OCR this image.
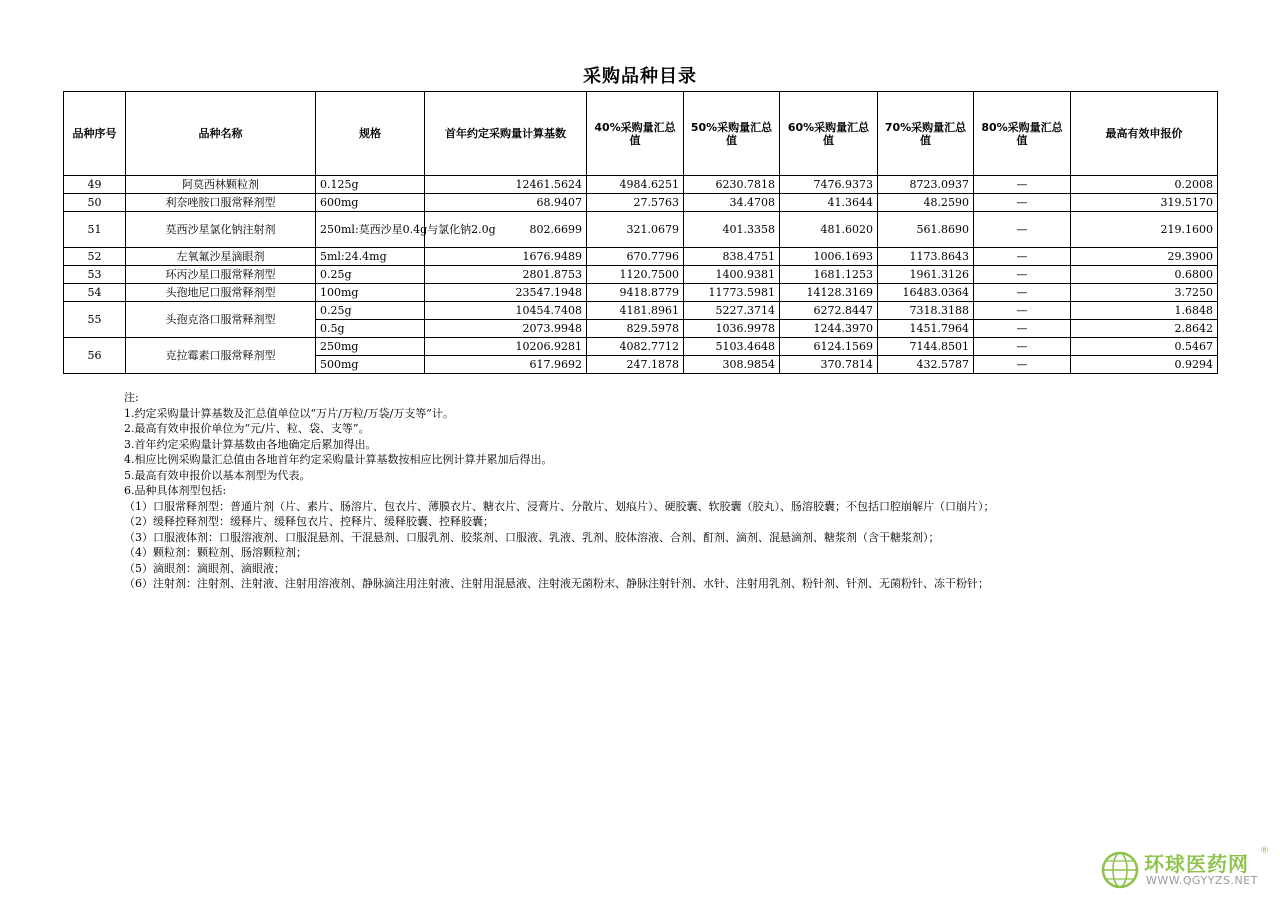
采购品种目录
品种序号	品种名称	规格	首年约定采购量计算基数	40%采购量汇总值	50%采购量汇总值	60%采购量汇总值	70%采购量汇总值	80%采购量汇总值	最高有效申报价
49	阿莫西林颗粒剂	0.125g	12461.5624	4984.6251	6230.7818	7476.9373	8723.0937	—	0.2008
50	利奈唑胺口服常释剂型	600mg	68.9407	27.5763	34.4708	41.3644	48.2590	—	319.5170
51	莫西沙星氯化钠注射剂	250ml:莫西沙星0.4g与氯化钠2.0g	802.6699	321.0679	401.3358	481.6020	561.8690	—	219.1600
52	左氧氟沙星滴眼剂	5ml:24.4mg	1676.9489	670.7796	838.4751	1006.1693	1173.8643	—	29.3900
53	环丙沙星口服常释剂型	0.25g	2801.8753	1120.7500	1400.9381	1681.1253	1961.3126	—	0.6800
54	头孢地尼口服常释剂型	100mg	23547.1948	9418.8779	11773.5981	14128.3169	16483.0364	—	3.7250
55	头孢克洛口服常释剂型	0.25g	10454.7408	4181.8961	5227.3714	6272.8447	7318.3188	—	1.6848
		0.5g	2073.9948	829.5978	1036.9978	1244.3970	1451.7964	—	2.8642
56	克拉霉素口服常释剂型	250mg	10206.9281	4082.7712	5103.4648	6124.1569	7144.8501	—	0.5467
		500mg	617.9692	247.1878	308.9854	370.7814	432.5787	—	0.9294
注:
1.约定采购量计算基数及汇总值单位以“万片/万粒/万袋/万支等”计。
2.最高有效申报价单位为“元/片、粒、袋、支等”。
3.首年约定采购量计算基数由各地确定后累加得出。
4.相应比例采购量汇总值由各地首年约定采购量计算基数按相应比例计算并累加后得出。
5.最高有效申报价以基本剂型为代表。
6.品种具体剂型包括:
（1）口服常释剂型：普通片剂（片、素片、肠溶片、包衣片、薄膜衣片、糖衣片、浸膏片、分散片、划痕片）、硬胶囊、软胶囊（胶丸）、肠溶胶囊；不包括口腔崩解片（口崩片）；
（2）缓释控释剂型：缓释片、缓释包衣片、控释片、缓释胶囊、控释胶囊；
（3）口服液体剂：口服溶液剂、口服混悬剂、干混悬剂、口服乳剂、胶浆剂、口服液、乳液、乳剂、胶体溶液、合剂、酊剂、滴剂、混悬滴剂、糖浆剂（含干糖浆剂）；
（4）颗粒剂：颗粒剂、肠溶颗粒剂；
（5）滴眼剂：滴眼剂、滴眼液；
（6）注射剂：注射剂、注射液、注射用溶液剂、静脉滴注用注射液、注射用混悬液、注射液无菌粉末、静脉注射针剂、水针、注射用乳剂、粉针剂、针剂、无菌粉针、冻干粉针；
环球医药网
®
WWW.QGYYZS.NET
